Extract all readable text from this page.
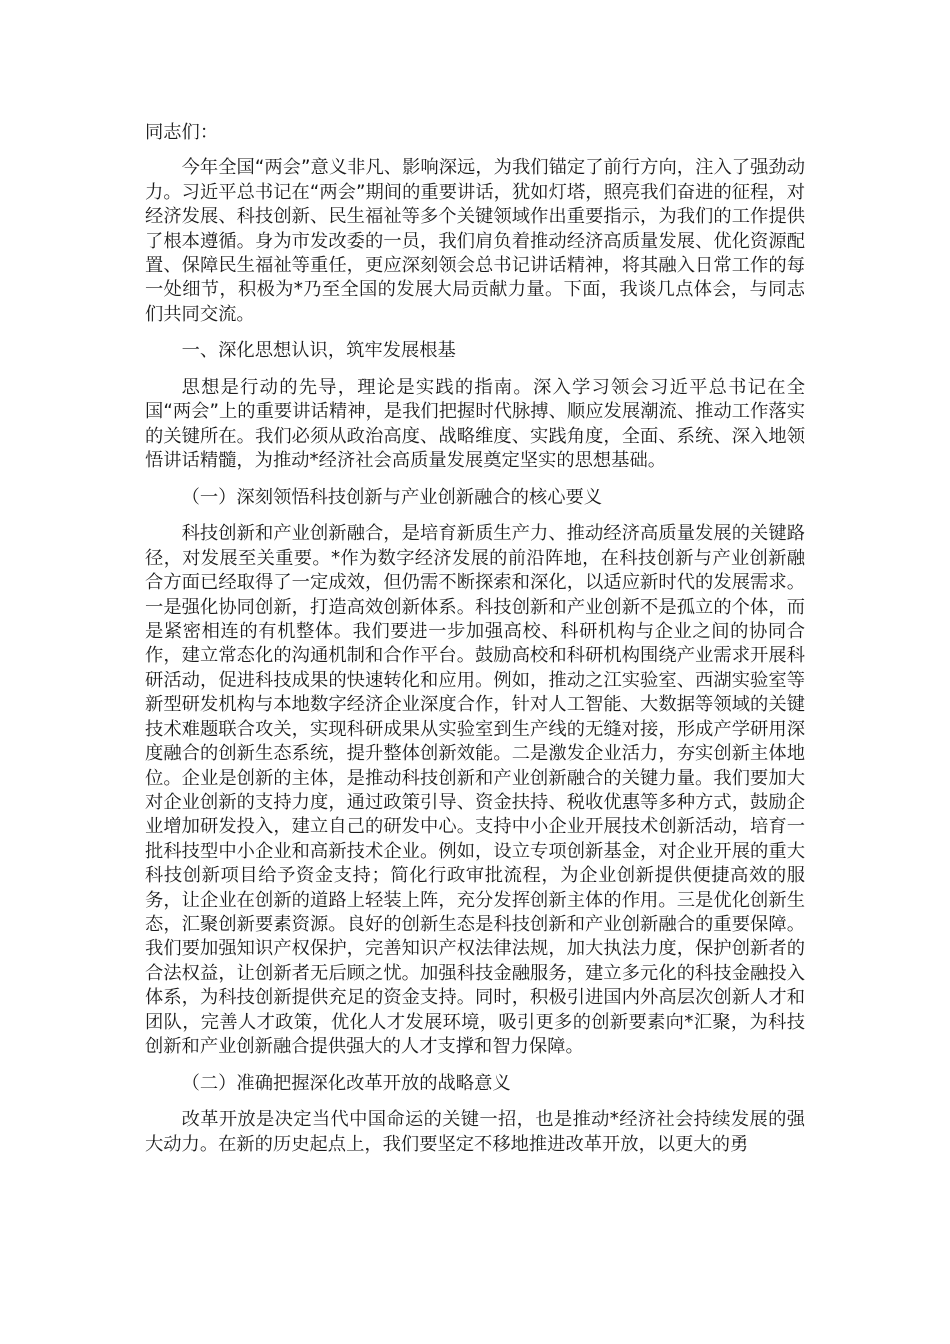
同志们：

今年全国“两会”意义非凡、影响深远，为我们锚定了前行方向，注入了强劲动力。习近平总书记在“两会”期间的重要讲话，犹如灯塔，照亮我们奋进的征程，对经济发展、科技创新、民生福祉等多个关键领域作出重要指示，为我们的工作提供了根本遵循。身为市发改委的一员，我们肩负着推动经济高质量发展、优化资源配置、保障民生福祉等重任，更应深刻领会总书记讲话精神，将其融入日常工作的每一处细节，积极为*乃至全国的发展大局贡献力量。下面，我谈几点体会，与同志们共同交流。

一、深化思想认识，筑牢发展根基

思想是行动的先导，理论是实践的指南。深入学习领会习近平总书记在全国“两会”上的重要讲话精神，是我们把握时代脉搏、顺应发展潮流、推动工作落实的关键所在。我们必须从政治高度、战略维度、实践角度，全面、系统、深入地领悟讲话精髓，为推动*经济社会高质量发展奠定坚实的思想基础。

（一）深刻领悟科技创新与产业创新融合的核心要义

科技创新和产业创新融合，是培育新质生产力、推动经济高质量发展的关键路径，对发展至关重要。*作为数字经济发展的前沿阵地，在科技创新与产业创新融合方面已经取得了一定成效，但仍需不断探索和深化，以适应新时代的发展需求。一是强化协同创新，打造高效创新体系。科技创新和产业创新不是孤立的个体，而是紧密相连的有机整体。我们要进一步加强高校、科研机构与企业之间的协同合作，建立常态化的沟通机制和合作平台。鼓励高校和科研机构围绕产业需求开展科研活动，促进科技成果的快速转化和应用。例如，推动之江实验室、西湖实验室等新型研发机构与本地数字经济企业深度合作，针对人工智能、大数据等领域的关键技术难题联合攻关，实现科研成果从实验室到生产线的无缝对接，形成产学研用深度融合的创新生态系统，提升整体创新效能。二是激发企业活力，夯实创新主体地位。企业是创新的主体，是推动科技创新和产业创新融合的关键力量。我们要加大对企业创新的支持力度，通过政策引导、资金扶持、税收优惠等多种方式，鼓励企业增加研发投入，建立自己的研发中心。支持中小企业开展技术创新活动，培育一批科技型中小企业和高新技术企业。例如，设立专项创新基金，对企业开展的重大科技创新项目给予资金支持；简化行政审批流程，为企业创新提供便捷高效的服务，让企业在创新的道路上轻装上阵，充分发挥创新主体的作用。三是优化创新生态，汇聚创新要素资源。良好的创新生态是科技创新和产业创新融合的重要保障。我们要加强知识产权保护，完善知识产权法律法规，加大执法力度，保护创新者的合法权益，让创新者无后顾之忧。加强科技金融服务，建立多元化的科技金融投入体系，为科技创新提供充足的资金支持。同时，积极引进国内外高层次创新人才和团队，完善人才政策，优化人才发展环境，吸引更多的创新要素向*汇聚，为科技创新和产业创新融合提供强大的人才支撑和智力保障。

（二）准确把握深化改革开放的战略意义

改革开放是决定当代中国命运的关键一招，也是推动*经济社会持续发展的强大动力。在新的历史起点上，我们要坚定不移地推进改革开放，以更大的勇
